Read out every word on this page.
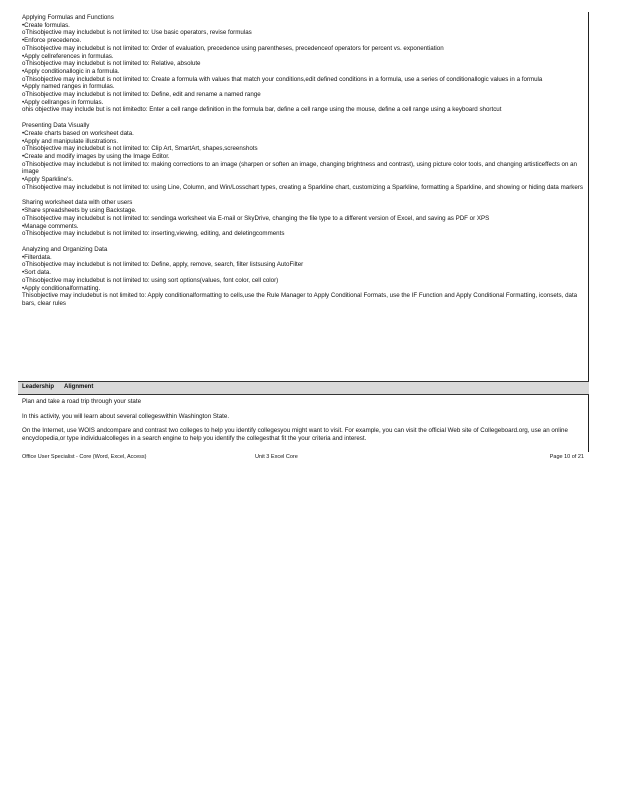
Applying Formulas and Functions
•Create formulas.
oThisobjective may includebut is not limited to: Use basic operators, revise formulas
•Enforce precedence.
oThisobjective may includebut is not limited to: Order of evaluation, precedence using parentheses, precedenceof operators for percent vs. exponentiation
•Apply cellreferences in formulas.
oThisobjective may includebut is not limited to: Relative, absolute
•Apply conditionallogic in a formula.
oThisobjective may includebut is not limited to: Create a formula with values that match your conditions,edit defined conditions in a formula, use a series of conditionallogic values in a formula
•Apply named ranges in formulas.
oThisobjective may includebut is not limited to: Define, edit and rename a named range
•Apply cellranges in formulas.
ohis objective may include but is not limitedto: Enter a cell range definition in the formula bar, define a cell range using the mouse, define a cell range using a keyboard shortcut
Presenting Data Visually
•Create charts based on worksheet data.
•Apply and manipulate illustrations.
oThisobjective may includebut is not limited to: Clip Art, SmartArt, shapes,screenshots
•Create and modify images by using the Image Editor.
oThisobjective may includebut is not limited to: making corrections to an image (sharpen or soften an image, changing brightness and contrast), using picture color tools, and changing artisticeffects on an image
•Apply Sparkline's.
oThisobjective may includebut is not limited to: using Line, Column, and Win/Losschart types, creating a Sparkline chart, customizing a Sparkline, formatting a Sparkline, and showing or hiding data markers
Sharing worksheet data with other users
•Share spreadsheets by using Backstage.
oThisobjective may includebut is not limited to: sendinga worksheet via E-mail or SkyDrive, changing the file type to a different version of Excel, and saving as PDF or XPS
•Manage comments.
oThisobjective may includebut is not limited to: inserting,viewing, editing, and deletingcomments
Analyzing and Organizing Data
•Filterdata.
oThisobjective may includebut is not limited to: Define, apply, remove, search, filter listsusing AutoFilter
•Sort data.
oThisobjective may includebut is not limited to: using sort options(values, font color, cell color)
•Apply conditionalformatting.
Thisobjective may includebut is not limited to: Apply conditionalformatting to cells,use the Rule Manager to Apply Conditional Formats, use the IF Function and Apply Conditional Formatting, iconsets, data bars, clear rules
Leadership Alignment

Plan and take a road trip through your state

In this activity, you will learn about several collegeswithin Washington State.

On the Internet, use WOIS andcompare and contrast two colleges to help you identify collegesyou might want to visit. For example, you can visit the official Web site of Collegeboard.org, use an online encyclopedia,or type individualcolleges in a search engine to help you identify the collegesthat fit the your criteria and interest.

Office User Specialist - Core (Word, Excel, Access)	Unit 3 Excel Core	Page 10 of 21
